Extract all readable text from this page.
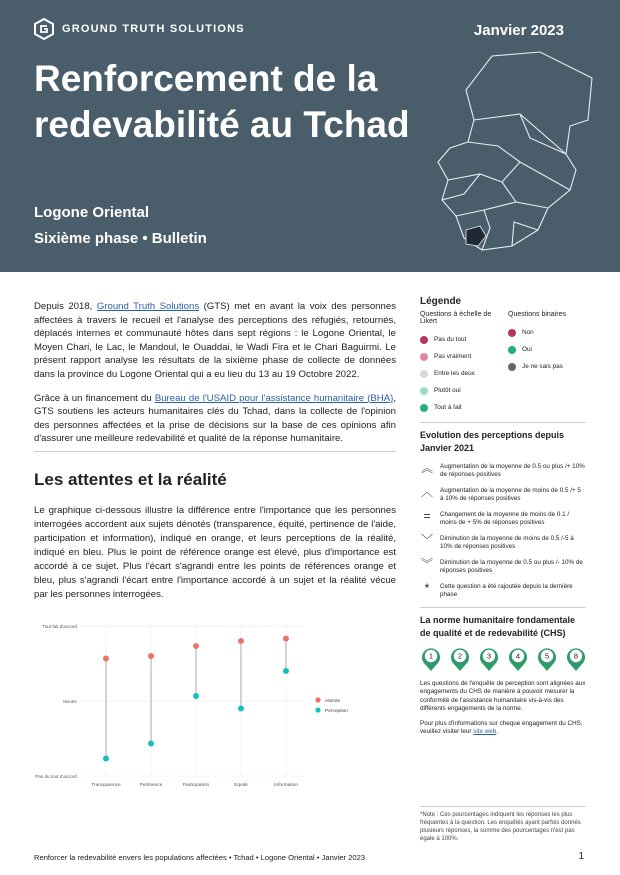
GROUND TRUTH SOLUTIONS	Janvier 2023
Renforcement de la redevabilité au Tchad
Logone Oriental
Sixième phase • Bulletin

Depuis 2018, Ground Truth Solutions (GTS) met en avant la voix des personnes affectées à travers le recueil et l'analyse des perceptions des réfugiés, retournés, déplacés internes et communauté hôtes dans sept régions : le Logone Oriental, le Moyen Chari, le Lac, le Mandoul, le Ouaddai, le Wadi Fira et le Chari Baguirmi. Le présent rapport analyse les résultats de la sixième phase de collecte de données dans la province du Logone Oriental qui a eu lieu du 13 au 19 Octobre 2022.

Grâce à un financement du Bureau de l'USAID pour l'assistance humanitaire (BHA), GTS soutiens les acteurs humanitaires clés du Tchad, dans la collecte de l'opinion des personnes affectées et la prise de décisions sur la base de ces opinions afin d'assurer une meilleure redevabilité et qualité de la réponse humanitaire.

Les attentes et la réalité
Le graphique ci-dessous illustre la différence entre l'importance que les personnes interrogées accordent aux sujets dénotés (transparence, équité, pertinence de l'aide, participation et information), indiqué en orange, et leurs perceptions de la réalité, indiqué en bleu. Plus le point de référence orange est élevé, plus d'importance est accordé à ce sujet. Plus l'écart s'agrandi entre les points de références orange et bleu, plus s'agrandi l'écart entre l'importance accordé à un sujet et la réalité vécue par les personnes interrogées.
Tout fait d'accord
Neutre
Pas du tout d'accord
Transparence	Pertinence	Participation	Equité	Information
Attente
Perception
Légende
Questions à échelle de Likert
Pas du tout
Pas vraiment
Entre les deux
Plutôt oui
Tout à fait
Questions binaires
Non
Oui
Je ne sais pas
Evolution des perceptions depuis Janvier 2021
︽ Augmentation de la moyenne de 0.5 ou plus /+ 10% de réponses positives
︿ Augmentation de la moyenne de moins de 0.5 /+ 5 à 10% de réponses positives
=	Changement de la moyenne de moins de 0.1 / moins de + 5% de réponses positives
﹀ Diminution de la moyenne de moins de 0.5 /-5 à 10% de réponses positives
︾ Diminution de la moyenne de 0.5 ou plus /- 10% de réponses positives
*	Cette question a été rajoutée depuis la dernière phase
La norme humanitaire fondamentale de qualité et de redevabilité (CHS)
1	2	3	4	5	8

Les questions de l'enquête de perception sont alignées aux engagements du CHS de manière à pouvoir mesurer la conformité de l'assistance humanitaire vis-à-vis des différents engagements de la norme.

Pour plus d'informations sur cheque engagement du CHS, veuillez visiter leur site web.

*Note : Ces pourcentages indiquent les réponses les plus fréquentes à la question. Les enquêtés ayant parfois donnés plusieurs réponses, la somme des pourcentages n'est pas égale à 100%.
Renforcer la redevabilité envers les populations affectées • Tchad • Logone Oriental • Janvier 2023	1
